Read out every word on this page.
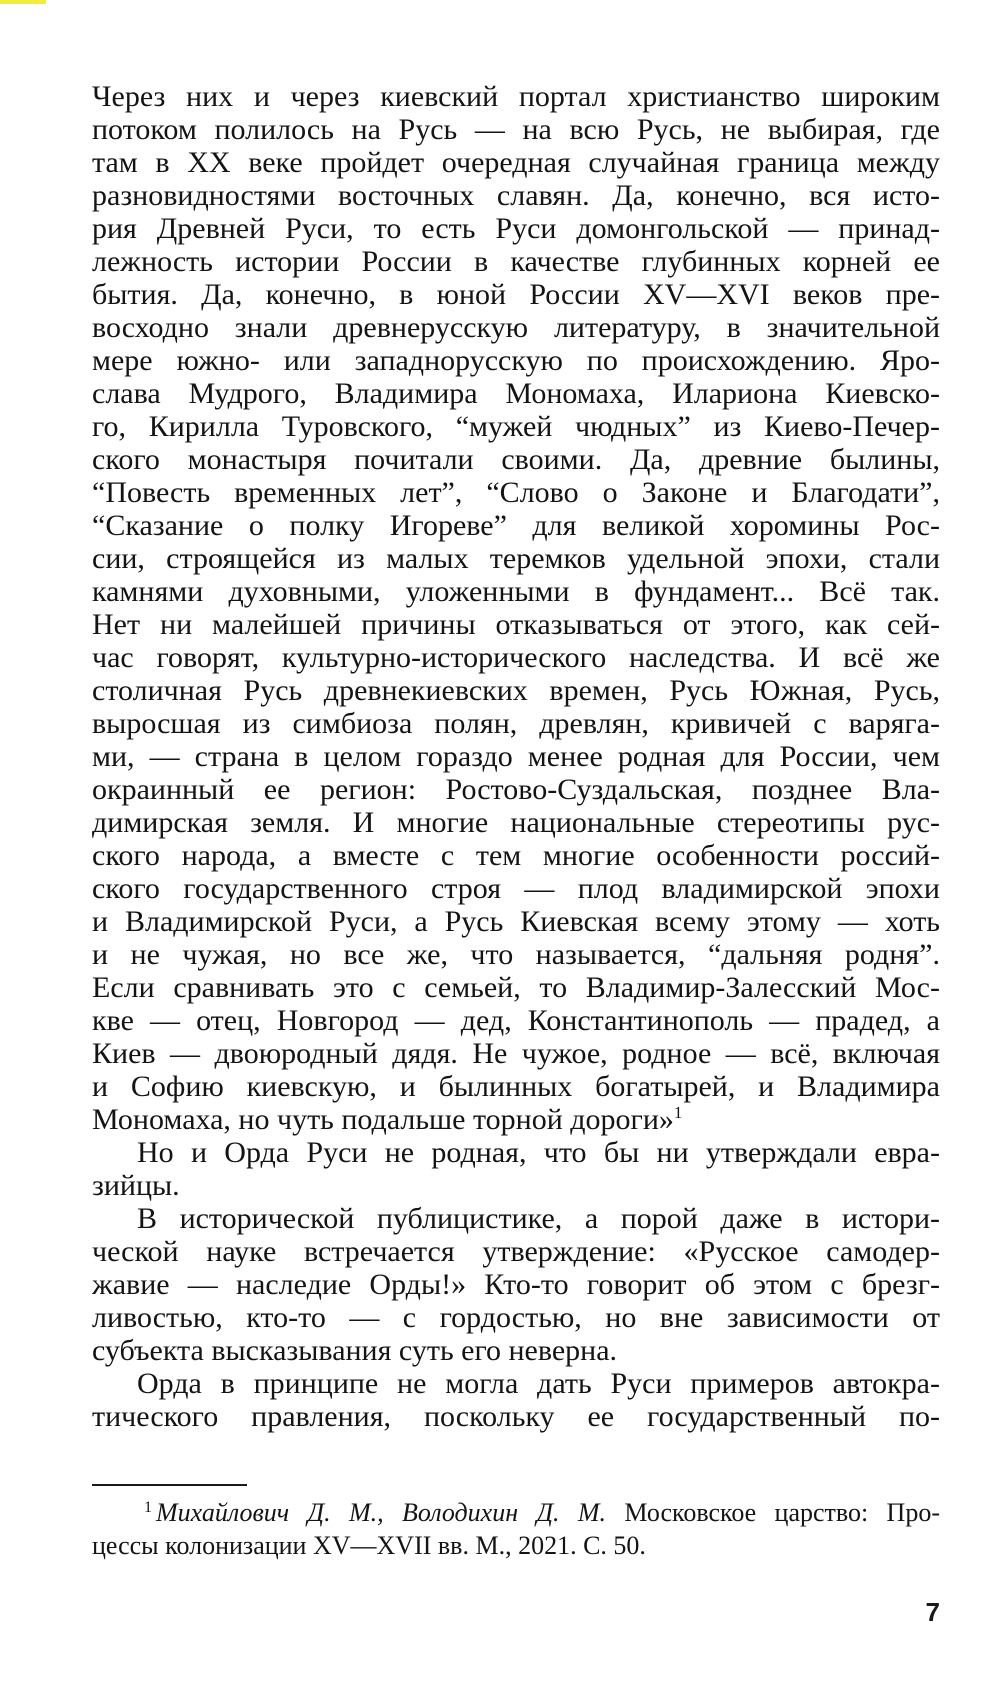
Через них и через киевский портал христианство широким
потоком полилось на Русь — на всю Русь, не выбирая, где
там в XX веке пройдет очередная случайная граница между
разновидностями восточных славян. Да, конечно, вся исто-
рия Древней Руси, то есть Руси домонгольской — принад-
лежность истории России в качестве глубинных корней ее
бытия. Да, конечно, в юной России XV—XVI веков пре-
восходно знали древнерусскую литературу, в значительной
мере южно- или западнорусскую по происхождению. Яро-
слава Мудрого, Владимира Мономаха, Илариона Киевско-
го, Кирилла Туровского, “мужей чюдных” из Киево-Печер-
ского монастыря почитали своими. Да, древние былины,
“Повесть временных лет”, “Слово о Законе и Благодати”,
“Сказание о полку Игореве” для великой хоромины Рос-
сии, строящейся из малых теремков удельной эпохи, стали
камнями духовными, уложенными в фундамент... Всё так.
Нет ни малейшей причины отказываться от этого, как сей-
час говорят, культурно-исторического наследства. И всё же
столичная Русь древнекиевских времен, Русь Южная, Русь,
выросшая из симбиоза полян, древлян, кривичей с варяга-
ми, — страна в целом гораздо менее родная для России, чем
окраинный ее регион: Ростово-Суздальская, позднее Вла-
димирская земля. И многие национальные стереотипы рус-
ского народа, а вместе с тем многие особенности россий-
ского государственного строя — плод владимирской эпохи
и Владимирской Руси, а Русь Киевская всему этому — хоть
и не чужая, но все же, что называется, “дальняя родня”.
Если сравнивать это с семьей, то Владимир-Залесский Мос-
кве — отец, Новгород — дед, Константинополь — прадед, а
Киев — двоюродный дядя. Не чужое, родное — всё, включая
и Софию киевскую, и былинных богатырей, и Владимира
Мономаха, но чуть подальше торной дороги»$^1$
Но и Орда Руси не родная, что бы ни утверждали евра-
зийцы.
В исторической публицистике, а порой даже в истори-
ческой науке встречается утверждение: «Русское самодер-
жавие — наследие Орды!» Кто-то говорит об этом с брезг-
ливостью, кто-то — с гордостью, но вне зависимости от
субъекта высказывания суть его неверна.
Орда в принципе не могла дать Руси примеров автокра-
тического правления, поскольку ее государственный по-
$^1$ Михайлович Д. М., Володихин Д. М. Московское царство: Про-
цессы колонизации XV—XVII вв. М., 2021. С. 50.
7
